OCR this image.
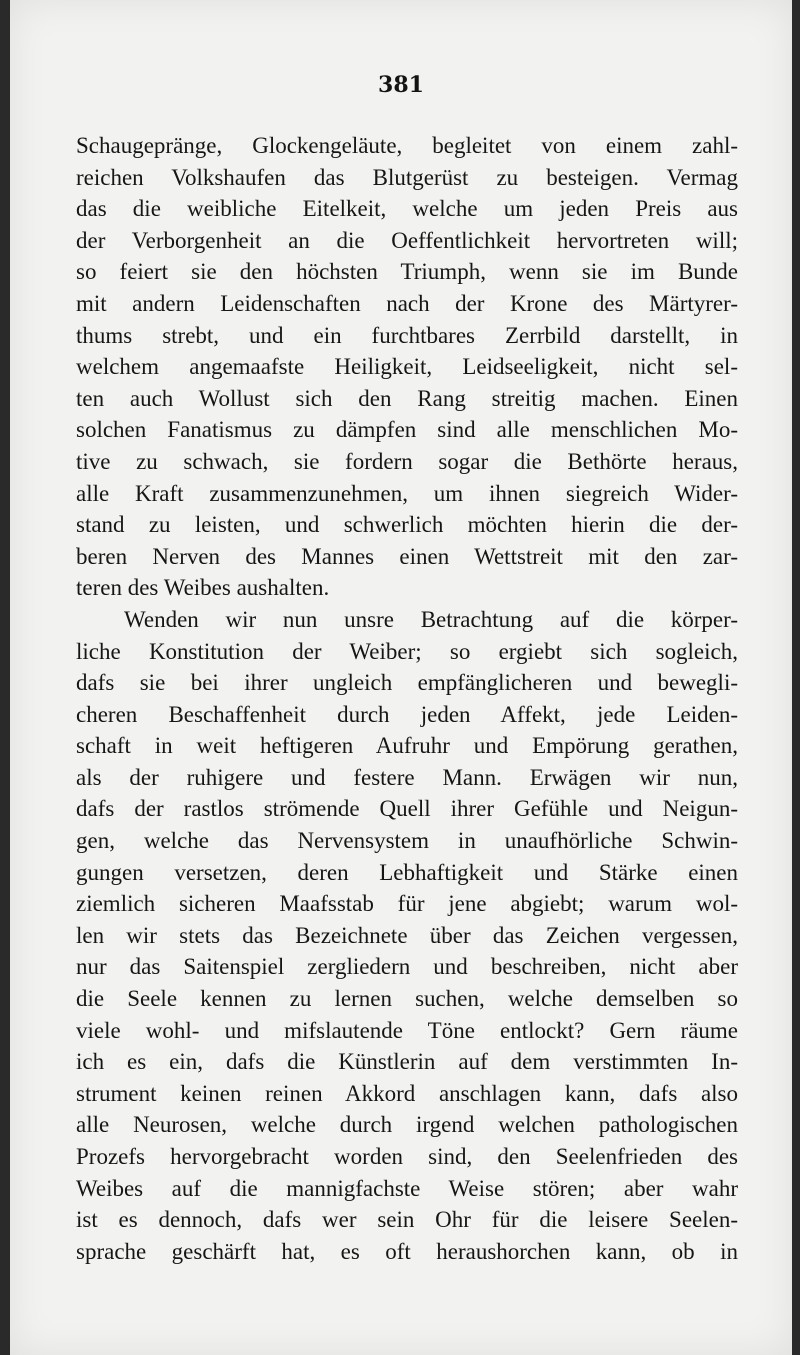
381
Schaugepränge, Glockengeläute, begleitet von einem zahl-
reichen Volkshaufen das Blutgerüst zu besteigen. Vermag
das die weibliche Eitelkeit, welche um jeden Preis aus
der Verborgenheit an die Oeffentlichkeit hervortreten will;
so feiert sie den höchsten Triumph, wenn sie im Bunde
mit andern Leidenschaften nach der Krone des Märtyrer-
thums strebt, und ein furchtbares Zerrbild darstellt, in
welchem angemaafste Heiligkeit, Leidseeligkeit, nicht sel-
ten auch Wollust sich den Rang streitig machen. Einen
solchen Fanatismus zu dämpfen sind alle menschlichen Mo-
tive zu schwach, sie fordern sogar die Bethörte heraus,
alle Kraft zusammenzunehmen, um ihnen siegreich Wider-
stand zu leisten, und schwerlich möchten hierin die der-
beren Nerven des Mannes einen Wettstreit mit den zar-
teren des Weibes aushalten.
Wenden wir nun unsre Betrachtung auf die körper-
liche Konstitution der Weiber; so ergiebt sich sogleich,
dafs sie bei ihrer ungleich empfänglicheren und bewegli-
cheren Beschaffenheit durch jeden Affekt, jede Leiden-
schaft in weit heftigeren Aufruhr und Empörung gerathen,
als der ruhigere und festere Mann. Erwägen wir nun,
dafs der rastlos strömende Quell ihrer Gefühle und Neigun-
gen, welche das Nervensystem in unaufhörliche Schwin-
gungen versetzen, deren Lebhaftigkeit und Stärke einen
ziemlich sicheren Maafsstab für jene abgiebt; warum wol-
len wir stets das Bezeichnete über das Zeichen vergessen,
nur das Saitenspiel zergliedern und beschreiben, nicht aber
die Seele kennen zu lernen suchen, welche demselben so
viele wohl- und mifslautende Töne entlockt? Gern räume
ich es ein, dafs die Künstlerin auf dem verstimmten In-
strument keinen reinen Akkord anschlagen kann, dafs also
alle Neurosen, welche durch irgend welchen pathologischen
Prozefs hervorgebracht worden sind, den Seelenfrieden des
Weibes auf die mannigfachste Weise stören; aber wahr
ist es dennoch, dafs wer sein Ohr für die leisere Seelen-
sprache geschärft hat, es oft heraushorchen kann, ob in
